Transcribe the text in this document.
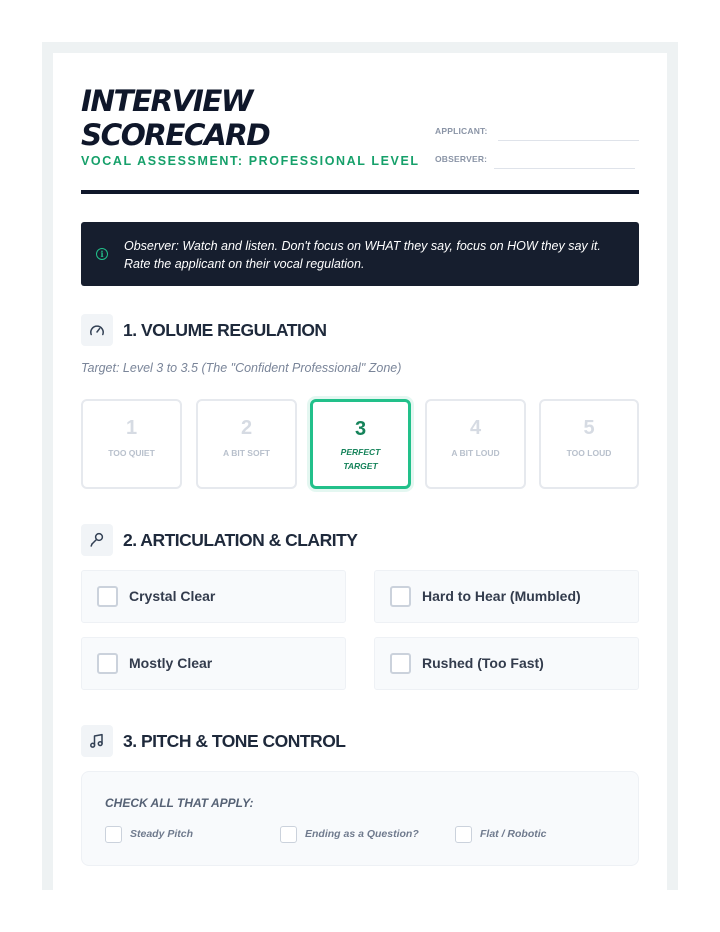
INTERVIEW SCORECARD
VOCAL ASSESSMENT: PROFESSIONAL LEVEL
APPLICANT:
OBSERVER:
i
Observer: Watch and listen. Don't focus on WHAT they say, focus on HOW they say it. Rate the applicant on their vocal regulation.
1. VOLUME REGULATION
Target: Level 3 to 3.5 (The "Confident Professional" Zone)
1
TOO QUIET
2
A BIT SOFT
3
PERFECT TARGET
4
A BIT LOUD
5
TOO LOUD
2. ARTICULATION & CLARITY
Crystal Clear	Hard to Hear (Mumbled)
Mostly Clear	Rushed (Too Fast)
3. PITCH & TONE CONTROL
CHECK ALL THAT APPLY:
Steady Pitch	Ending as a Question?	Flat / Robotic
